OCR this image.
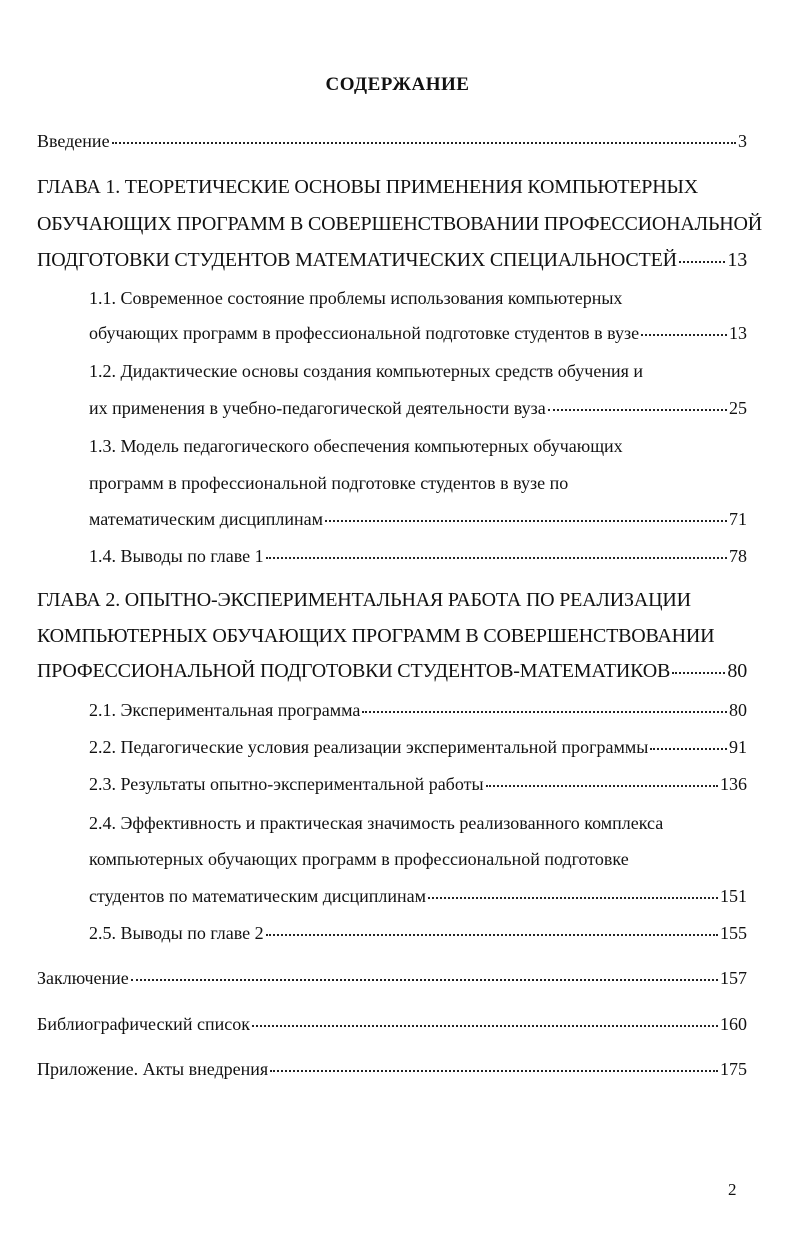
СОДЕРЖАНИЕ
Введение	3
ГЛАВА 1. ТЕОРЕТИЧЕСКИЕ ОСНОВЫ ПРИМЕНЕНИЯ КОМПЬЮТЕРНЫХ
ОБУЧАЮЩИХ ПРОГРАММ В СОВЕРШЕНСТВОВАНИИ ПРОФЕССИОНАЛЬНОЙ
ПОДГОТОВКИ СТУДЕНТОВ МАТЕМАТИЧЕСКИХ СПЕЦИАЛЬНОСТЕЙ	13
1.1. Современное состояние проблемы использования компьютерных
обучающих программ в профессиональной подготовке студентов в вузе	13
1.2. Дидактические основы создания компьютерных средств обучения и
их применения в учебно-педагогической деятельности вуза	25
1.3. Модель педагогического обеспечения компьютерных обучающих
программ в профессиональной подготовке студентов в вузе по
математическим дисциплинам	71
1.4. Выводы по главе 1	78
ГЛАВА 2. ОПЫТНО-ЭКСПЕРИМЕНТАЛЬНАЯ РАБОТА ПО РЕАЛИЗАЦИИ
КОМПЬЮТЕРНЫХ ОБУЧАЮЩИХ ПРОГРАММ В СОВЕРШЕНСТВОВАНИИ
ПРОФЕССИОНАЛЬНОЙ ПОДГОТОВКИ СТУДЕНТОВ-МАТЕМАТИКОВ	80
2.1. Экспериментальная программа	80
2.2. Педагогические условия реализации экспериментальной программы	91
2.3. Результаты опытно-экспериментальной работы	136
2.4. Эффективность и практическая значимость реализованного комплекса
компьютерных обучающих программ в профессиональной подготовке
студентов по математическим дисциплинам	151
2.5. Выводы по главе 2	155
Заключение	157
Библиографический список	160
Приложение. Акты внедрения	175
2
